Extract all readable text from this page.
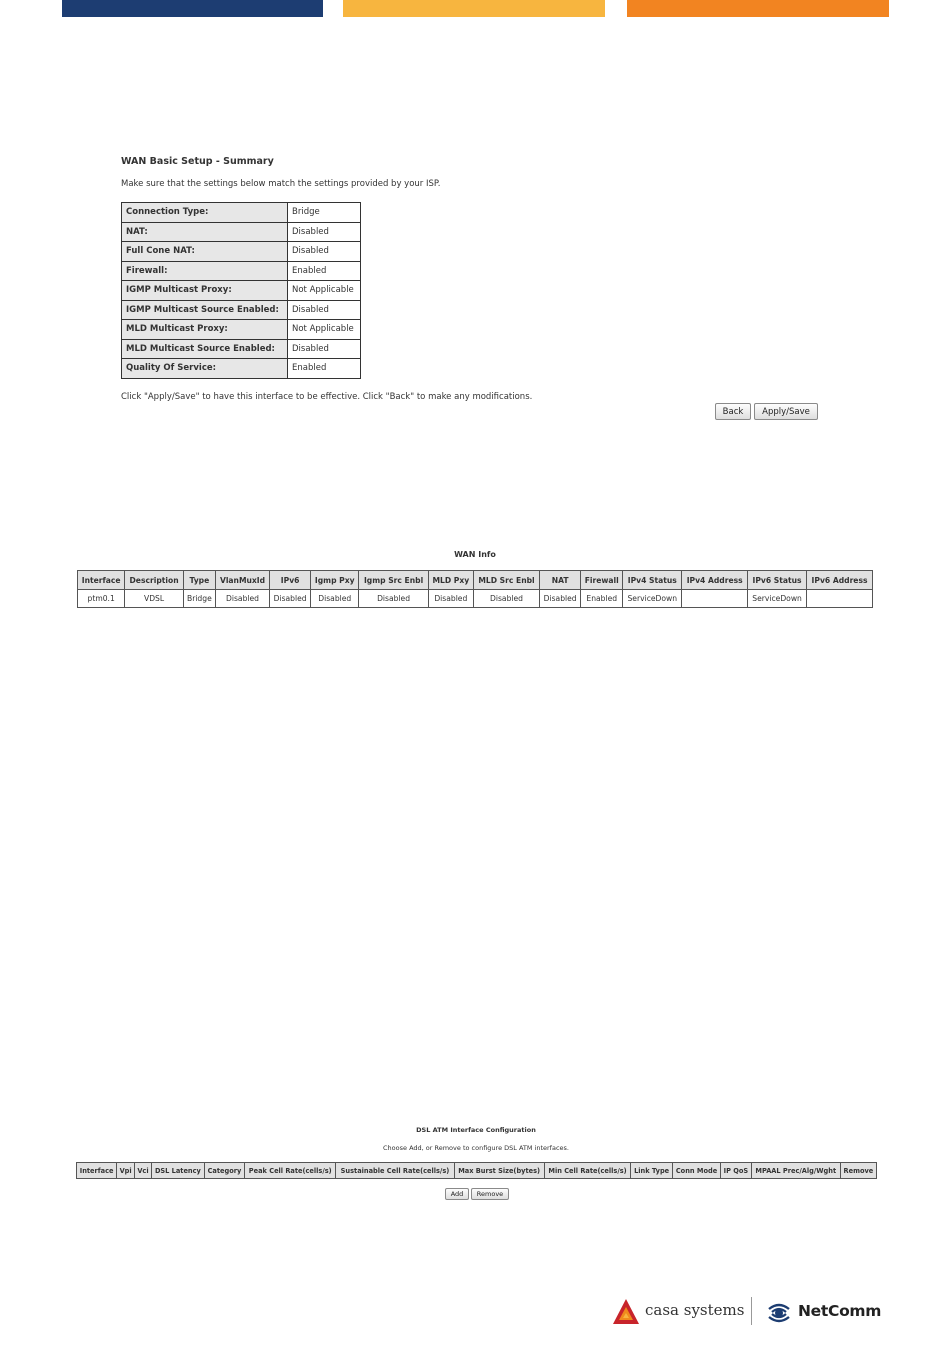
WAN Basic Setup - Summary
Make sure that the settings below match the settings provided by your ISP.
Connection Type:	Bridge
NAT:	Disabled
Full Cone NAT:	Disabled
Firewall:	Enabled
IGMP Multicast Proxy:	Not Applicable
IGMP Multicast Source Enabled:	Disabled
MLD Multicast Proxy:	Not Applicable
MLD Multicast Source Enabled:	Disabled
Quality Of Service:	Enabled
Click "Apply/Save" to have this interface to be effective. Click "Back" to make any modifications.
Back	Apply/Save
WAN Info
Interface	Description	Type	VlanMuxId	IPv6	Igmp Pxy	Igmp Src Enbl	MLD Pxy	MLD Src Enbl	NAT	Firewall	IPv4 Status	IPv4 Address	IPv6 Status	IPv6 Address
ptm0.1	VDSL	Bridge	Disabled	Disabled	Disabled	Disabled	Disabled	Disabled	Disabled	Enabled	ServiceDown		ServiceDown	
DSL ATM Interface Configuration
Choose Add, or Remove to configure DSL ATM interfaces.
Interface	Vpi	Vci	DSL Latency	Category	Peak Cell Rate(cells/s)	Sustainable Cell Rate(cells/s)	Max Burst Size(bytes)	Min Cell Rate(cells/s)	Link Type	Conn Mode	IP QoS	MPAAL Prec/Alg/Wght	Remove
Add	Remove
casa systems	NetComm
